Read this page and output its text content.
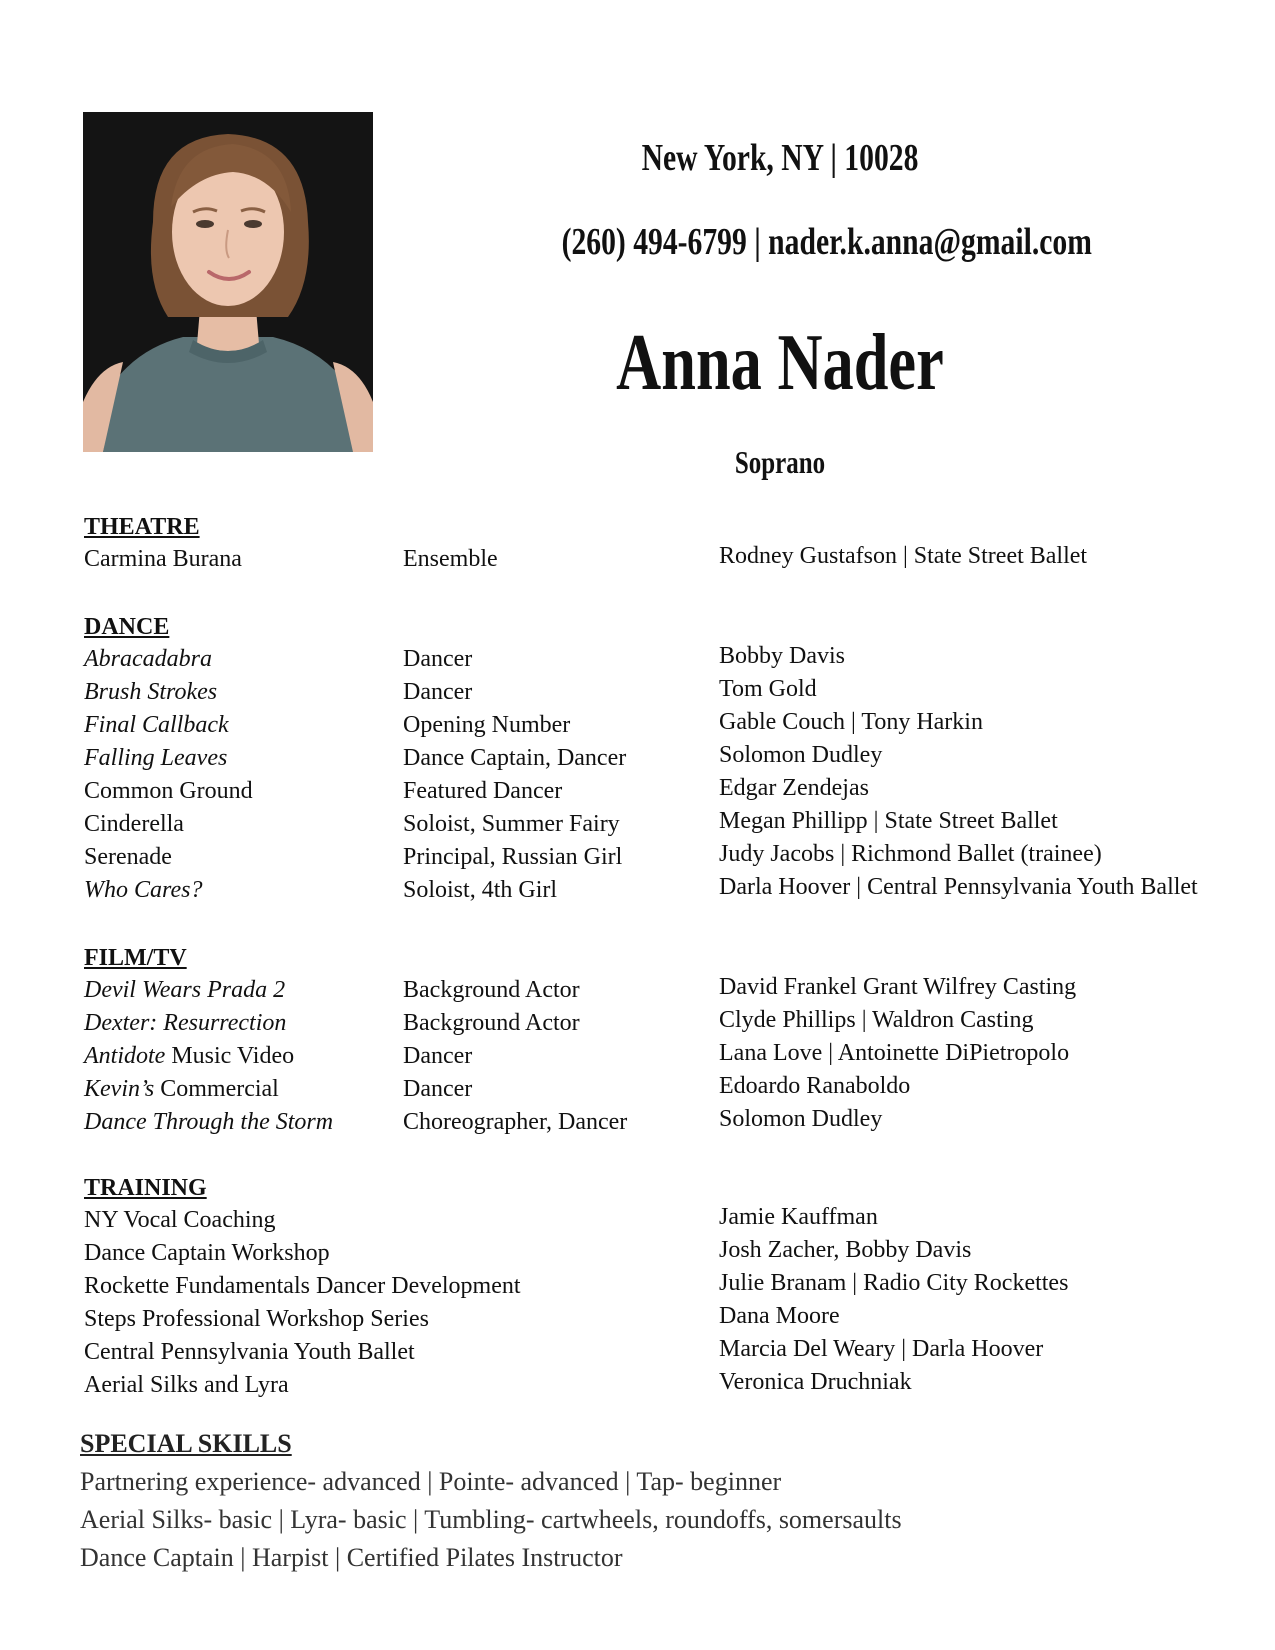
New York, NY | 10028
(260) 494-6799 | nader.k.anna@gmail.com
Anna Nader
Soprano
THEATRE
Carmina Burana	Ensemble	Rodney Gustafson | State Street Ballet
DANCE
Abracadabra	Dancer	Bobby Davis
Brush Strokes	Dancer	Tom Gold
Final Callback	Opening Number	Gable Couch | Tony Harkin
Falling Leaves	Dance Captain, Dancer	Solomon Dudley
Common Ground	Featured Dancer	Edgar Zendejas
Cinderella	Soloist, Summer Fairy	Megan Phillipp | State Street Ballet
Serenade	Principal, Russian Girl	Judy Jacobs | Richmond Ballet (trainee)
Who Cares?	Soloist, 4th Girl	Darla Hoover | Central Pennsylvania Youth Ballet
FILM/TV
Devil Wears Prada 2	Background Actor	David Frankel Grant Wilfrey Casting
Dexter: Resurrection	Background Actor	Clyde Phillips | Waldron Casting
Antidote Music Video	Dancer	Lana Love | Antoinette DiPietropolo
Kevin’s Commercial	Dancer	Edoardo Ranaboldo
Dance Through the Storm	Choreographer, Dancer	Solomon Dudley
TRAINING
NY Vocal Coaching	Jamie Kauffman
Dance Captain Workshop	Josh Zacher, Bobby Davis
Rockette Fundamentals Dancer Development	Julie Branam | Radio City Rockettes
Steps Professional Workshop Series	Dana Moore
Central Pennsylvania Youth Ballet	Marcia Del Weary | Darla Hoover
Aerial Silks and Lyra	Veronica Druchniak
SPECIAL SKILLS
Partnering experience- advanced | Pointe- advanced | Tap- beginner
Aerial Silks- basic | Lyra- basic | Tumbling- cartwheels, roundoffs, somersaults
Dance Captain | Harpist | Certified Pilates Instructor
